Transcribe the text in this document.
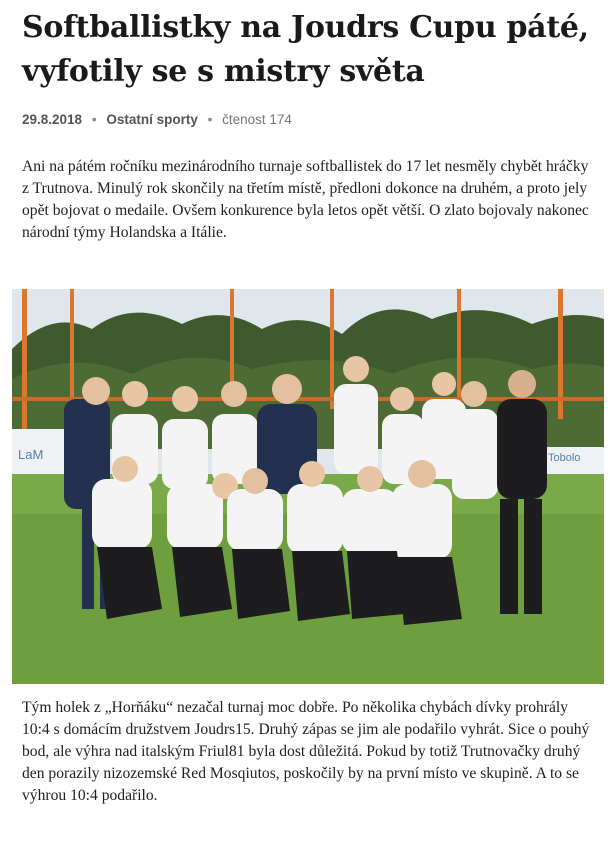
Softballistky na Joudrs Cupu páté, vyfotily se s mistry světa
29.8.2018 • Ostatní sporty • čtenost 174

Ani na pátém ročníku mezinárodního turnaje softballistek do 17 let nesměly chybět hráčky z Trutnova. Minulý rok skončily na třetím místě, předloni dokonce na druhém, a proto jely opět bojovat o medaile. Ovšem konkurence byla letos opět větší. O zlato bojovaly nakonec národní týmy Holandska a Itálie.

LaM	Tobolo

Tým holek z „Horňáku“ nezačal turnaj moc dobře. Po několika chybách dívky prohrály 10:4 s domácím družstvem Joudrs15. Druhý zápas se jim ale podařilo vyhrát. Sice o pouhý bod, ale výhra nad italským Friul81 byla dost důležitá. Pokud by totiž Trutnovačky druhý den porazily nizozemské Red Mosqiutos, poskočily by na první místo ve skupině. A to se výhrou 10:4 podařilo.
